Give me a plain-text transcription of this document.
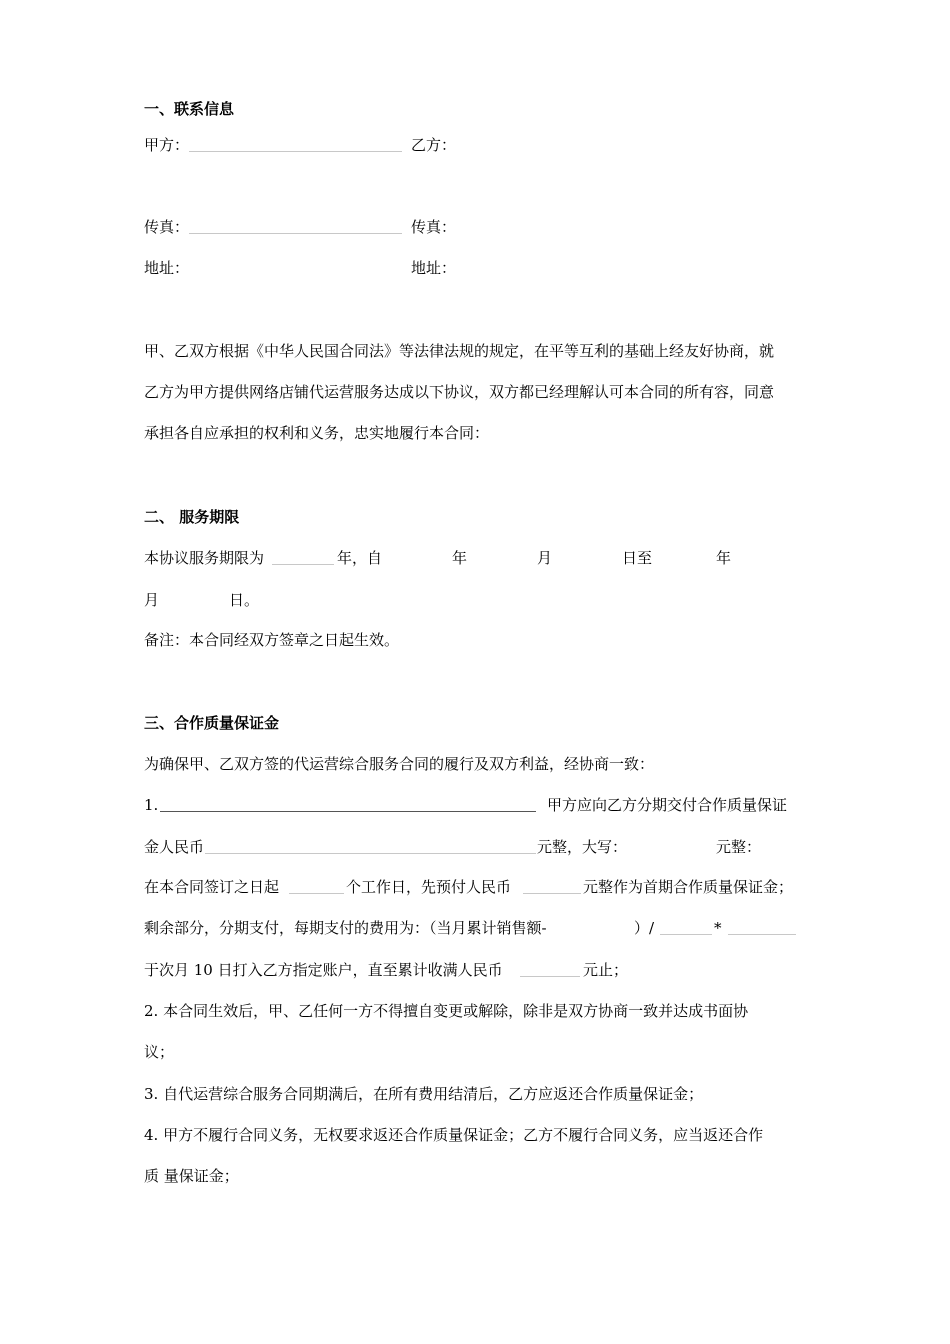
一、联系信息
甲方：	乙方：
传真：	传真：
地址：	地址：
甲、乙双方根据《中华人民国合同法》等法律法规的规定，在平等互利的基础上经友好协商，就
乙方为甲方提供网络店铺代运营服务达成以下协议，双方都已经理解认可本合同的所有容，同意
承担各自应承担的权利和义务，忠实地履行本合同：
二、 服务期限
本协议服务期限为	年，自	年	月	日至	年
月	日。
备注：本合同经双方签章之日起生效。
三、合作质量保证金
为确保甲、乙双方签的代运营综合服务合同的履行及双方利益，经协商一致：
1.	甲方应向乙方分期交付合作质量保证
金人民币	元整，大写：	元整：
在本合同签订之日起	个工作日，先预付人民币	元整作为首期合作质量保证金；
剩余部分，分期支付，每期支付的费用为：（当月累计销售额-	）/	*
于次月 10 日打入乙方指定账户，直至累计收满人民币	元止；
2. 本合同生效后，甲、乙任何一方不得擅自变更或解除，除非是双方协商一致并达成书面协
议；
3. 自代运营综合服务合同期满后，在所有费用结清后，乙方应返还合作质量保证金；
4. 甲方不履行合同义务，无权要求返还合作质量保证金；乙方不履行合同义务，应当返还合作
质 量保证金；
